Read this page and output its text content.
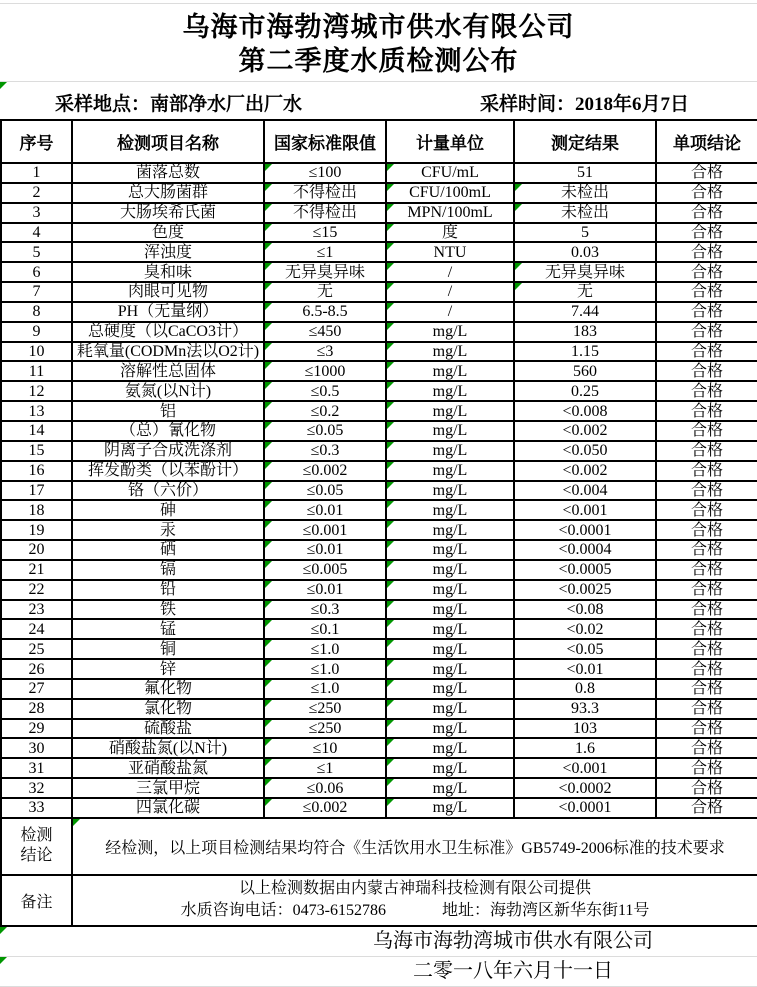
乌海市海勃湾城市供水有限公司
第二季度水质检测公布
采样地点：南部净水厂出厂水	采样时间：2018年6月7日
序号	检测项目名称	国家标准限值	计量单位	测定结果	单项结论
1	菌落总数	≤100	CFU/mL	51	合格
2	总大肠菌群	不得检出	CFU/100mL	未检出	合格
3	大肠埃希氏菌	不得检出	MPN/100mL	未检出	合格
4	色度	≤15	度	5	合格
5	浑浊度	≤1	NTU	0.03	合格
6	臭和味	无异臭异味	/	无异臭异味	合格
7	肉眼可见物	无	/	无	合格
8	PH（无量纲）	6.5-8.5	/	7.44	合格
9	总硬度（以CaCO3计）	≤450	mg/L	183	合格
10	耗氧量(CODMn法以O2计)	≤3	mg/L	1.15	合格
11	溶解性总固体	≤1000	mg/L	560	合格
12	氨氮(以N计)	≤0.5	mg/L	0.25	合格
13	铝	≤0.2	mg/L	<0.008	合格
14	（总）氰化物	≤0.05	mg/L	<0.002	合格
15	阴离子合成洗涤剂	≤0.3	mg/L	<0.050	合格
16	挥发酚类（以苯酚计）	≤0.002	mg/L	<0.002	合格
17	铬（六价）	≤0.05	mg/L	<0.004	合格
18	砷	≤0.01	mg/L	<0.001	合格
19	汞	≤0.001	mg/L	<0.0001	合格
20	硒	≤0.01	mg/L	<0.0004	合格
21	镉	≤0.005	mg/L	<0.0005	合格
22	铅	≤0.01	mg/L	<0.0025	合格
23	铁	≤0.3	mg/L	<0.08	合格
24	锰	≤0.1	mg/L	<0.02	合格
25	铜	≤1.0	mg/L	<0.05	合格
26	锌	≤1.0	mg/L	<0.01	合格
27	氟化物	≤1.0	mg/L	0.8	合格
28	氯化物	≤250	mg/L	93.3	合格
29	硫酸盐	≤250	mg/L	103	合格
30	硝酸盐氮(以N计)	≤10	mg/L	1.6	合格
31	亚硝酸盐氮	≤1	mg/L	<0.001	合格
32	三氯甲烷	≤0.06	mg/L	<0.0002	合格
33	四氯化碳	≤0.002	mg/L	<0.0001	合格
检测结论	经检测，以上项目检测结果均符合《生活饮用水卫生标准》GB5749-2006标准的技术要求				
备注	以上检测数据由内蒙古神瑞科技检测有限公司提供
水质咨询电话：0473-6152786 地址：海勃湾区新华东街11号				
乌海市海勃湾城市供水有限公司
二零一八年六月十一日
